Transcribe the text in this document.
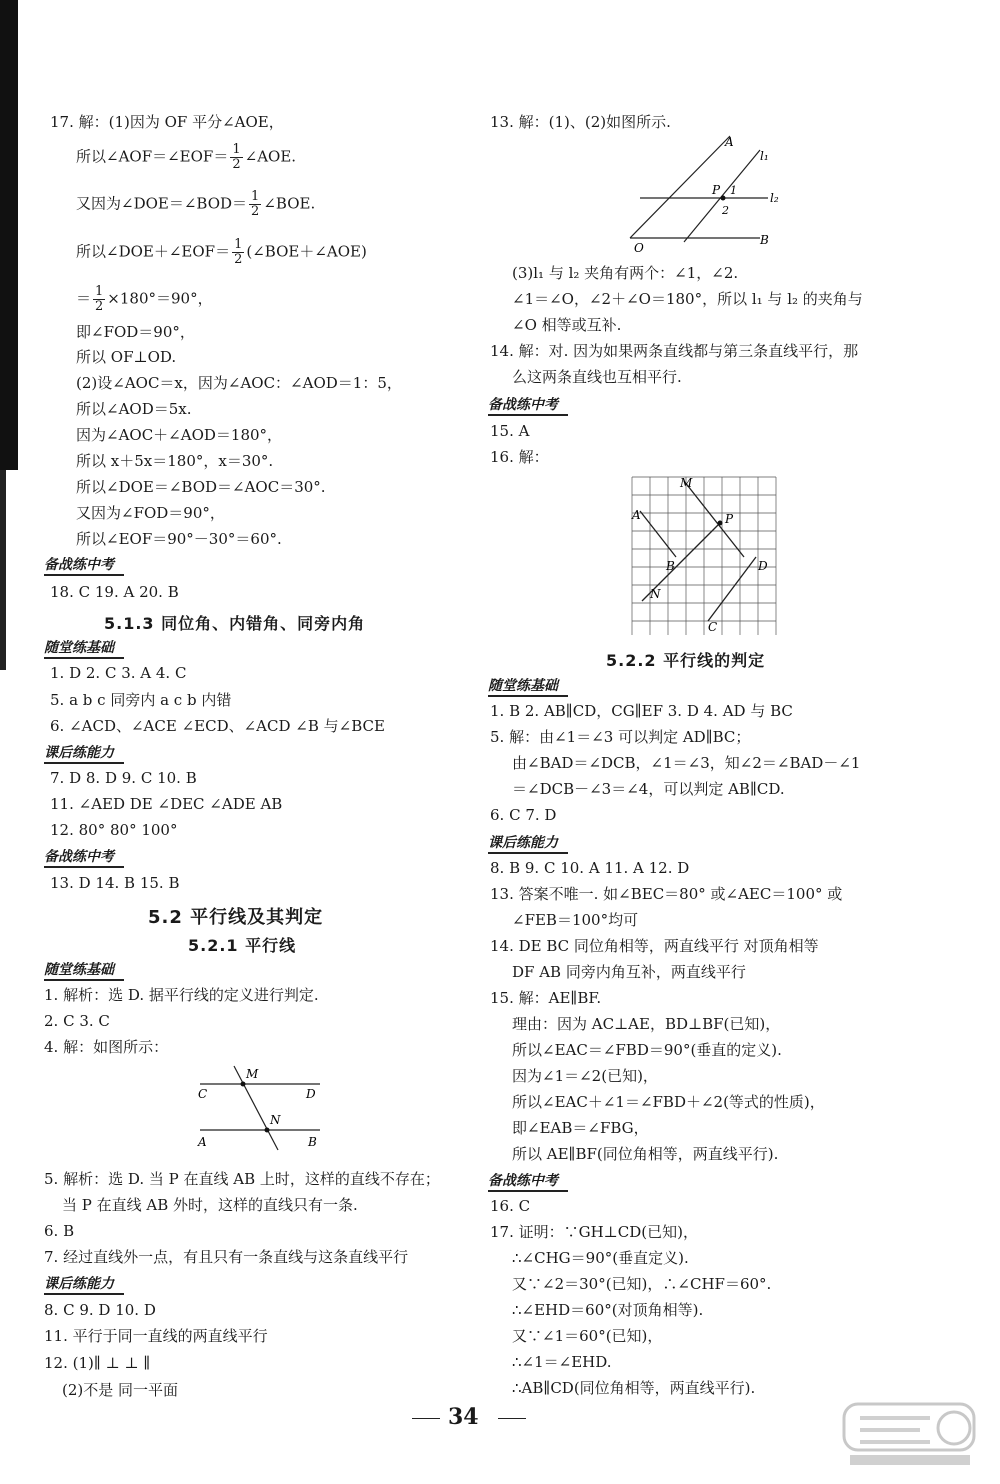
17. 解：(1)因为 OF 平分∠AOE，
所以∠AOF＝∠EOF＝ $\frac{1}{2}$ ∠AOE.
又因为∠DOE＝∠BOD＝ $\frac{1}{2}$ ∠BOE.
所以∠DOE＋∠EOF＝ $\frac{1}{2}$ (∠BOE＋∠AOE)
＝ $\frac{1}{2} \times 180^\circ=90^\circ$，
即∠FOD＝90°，
所以 OF⊥OD.
(2)设∠AOC＝x，因为∠AOC：∠AOD＝1：5，
所以∠AOD＝5x.
因为∠AOC＋∠AOD＝180°，
所以 x＋5x＝180°，x＝30°.
所以∠DOE＝∠BOD＝∠AOC＝30°.
又因为∠FOD＝90°，
所以∠EOF＝90°－30°＝60°.
备战练中考
18. C 19. A 20. B
5.1.3 同位角、内错角、同旁内角
随堂练基础
1. D 2. C 3. A 4. C
5. a b c 同旁内 a c b 内错
6. ∠ACD、∠ACE ∠ECD、∠ACD ∠B 与∠BCE
课后练能力
7. D 8. D 9. C 10. B
11. ∠AED DE ∠DEC ∠ADE AB
12. 80° 80° 100°
备战练中考
13. D 14. B 15. B
5.2 平行线及其判定
5.2.1 平行线
随堂练基础
1. 解析：选 D. 据平行线的定义进行判定.
2. C 3. C
4. 解：如图所示：
M
C	D
N
A	B
5. 解析：选 D. 当 P 在直线 AB 上时，这样的直线不存在；
当 P 在直线 AB 外时，这样的直线只有一条.
6. B
7. 经过直线外一点，有且只有一条直线与这条直线平行
课后练能力
8. C 9. D 10. D
11. 平行于同一直线的两直线平行
12. (1)∥ ⊥ ⊥ ∥
(2)不是 同一平面
13. 解：(1)、(2)如图所示.
A
l₁
l₂
P 1
2
O
B
(3)l₁ 与 l₂ 夹角有两个：∠1，∠2.
∠1＝∠O，∠2＋∠O＝180°，所以 l₁ 与 l₂ 的夹角与
∠O 相等或互补.
14. 解：对. 因为如果两条直线都与第三条直线平行，那
么这两条直线也互相平行.
备战练中考
15. A
16. 解：
M
A	P
B	D
N
C
5.2.2 平行线的判定
随堂练基础
1. B 2. AB∥CD，CG∥EF 3. D 4. AD 与 BC
5. 解：由∠1＝∠3 可以判定 AD∥BC；
由∠BAD＝∠DCB，∠1＝∠3，知∠2＝∠BAD－∠1
＝∠DCB－∠3＝∠4，可以判定 AB∥CD.
6. C 7. D
课后练能力
8. B 9. C 10. A 11. A 12. D
13. 答案不唯一. 如∠BEC＝80° 或∠AEC＝100° 或
∠FEB＝100°均可
14. DE BC 同位角相等，两直线平行 对顶角相等
DF AB 同旁内角互补，两直线平行
15. 解：AE∥BF.
理由：因为 AC⊥AE，BD⊥BF(已知)，
所以∠EAC＝∠FBD＝90°(垂直的定义).
因为∠1＝∠2(已知)，
所以∠EAC＋∠1＝∠FBD＋∠2(等式的性质)，
即∠EAB＝∠FBG，
所以 AE∥BF(同位角相等，两直线平行).
备战练中考
16. C
17. 证明：∵GH⊥CD(已知)，
∴∠CHG＝90°(垂直定义).
又∵∠2＝30°(已知)，∴∠CHF＝60°.
∴∠EHD＝60°(对顶角相等).
又∵∠1＝60°(已知)，
∴∠1＝∠EHD.
∴AB∥CD(同位角相等，两直线平行).
34
